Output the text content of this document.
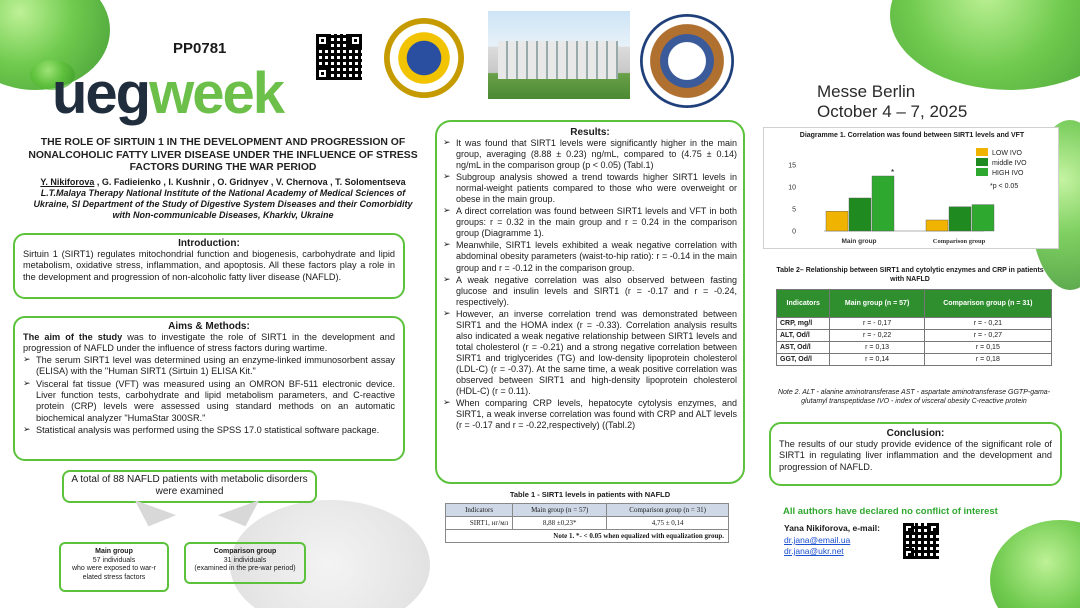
PP0781
uegweek	Messe Berlin
October 4 – 7, 2025
THE ROLE OF SIRTUIN 1 IN THE DEVELOPMENT AND PROGRESSION OF NONALCOHOLIC FATTY LIVER DISEASE UNDER THE INFLUENCE OF STRESS FACTORS DURING THE WAR PERIOD
Y. Nikiforova , G. Fadieienko , I. Kushnir , O. Gridnyev , V. Chernova , T. Solomentseva
L.T.Malaya Therapy National Institute of the National Academy of Medical Sciences of Ukraine, SI Department of the Study of Digestive System Diseases and their Comorbidity with Non-communicable Diseases, Kharkiv, Ukraine
Introduction:
Sirtuin 1 (SIRT1) regulates mitochondrial function and biogenesis, carbohydrate and lipid metabolism, oxidative stress, inflammation, and apoptosis. All these factors play a role in the development and progression of non-alcoholic fatty liver disease (NAFLD).
Aims & Methods:
The aim of the study was to investigate the role of SIRT1 in the development and progression of NAFLD under the influence of stress factors during wartime.
➢ The serum SIRT1 level was determined using an enzyme-linked immunosorbent assay (ELISA) with the "Human SIRT1 (Sirtuin 1) ELISA Kit."
➢ Visceral fat tissue (VFT) was measured using an OMRON BF-511 electronic device. Liver function tests, carbohydrate and lipid metabolism parameters, and C-reactive protein (CRP) levels were assessed using standard methods on an automatic biochemical analyzer "HumaStar 300SR."
➢ Statistical analysis was performed using the SPSS 17.0 statistical software package.
A total of 88 NAFLD patients with metabolic disorders were examined
Main group
57 individuals
who were exposed to war-r elated stress factors
Comparison group
31 individuals
(examined in the pre-war period)
Results:
➢ It was found that SIRT1 levels were significantly higher in the main group, averaging (8.88 ± 0.23) ng/mL, compared to (4.75 ± 0.14) ng/mL in the comparison group (p < 0.05) (Tabl.1)
➢ Subgroup analysis showed a trend towards higher SIRT1 levels in normal-weight patients compared to those who were overweight or obese in the main group.
➢ A direct correlation was found between SIRT1 levels and VFT in both groups: r = 0.32 in the main group and r = 0.24 in the comparison group (Diagramme 1).
➢ Meanwhile, SIRT1 levels exhibited a weak negative correlation with abdominal obesity parameters (waist-to-hip ratio): r = -0.14 in the main group and r = -0.12 in the comparison group.
➢ A weak negative correlation was also observed between fasting glucose and insulin levels and SIRT1 (r = -0.17 and r = -0.24, respectively).
➢ However, an inverse correlation trend was demonstrated between SIRT1 and the HOMA index (r = -0.33). Correlation analysis results also indicated a weak negative relationship between SIRT1 levels and total cholesterol (r = -0.21) and a strong negative correlation between SIRT1 and triglycerides (TG) and low-density lipoprotein cholesterol (LDL-C) (r = -0.37). At the same time, a weak positive correlation was observed between SIRT1 and high-density lipoprotein cholesterol (HDL-C) (r = 0.11).
➢ When comparing CRP levels, hepatocyte cytolysis enzymes, and SIRT1, a weak inverse correlation was found with CRP and ALT levels (r = -0.17 and r = -0.22,respectively) ((Tabl.2)
Table 1 - SIRT1 levels in patients with NAFLD
Indicators	Main group (n = 57)	Comparison group (n = 31)
SIRT1, нг/мл	8,88 ±0,23*	4,75 ± 0,14
Note 1. *- < 0.05 when equalized with equalization group.		
Diagramme 1. Correlation was found between SIRT1 levels and VFT
0
5
10
15
*
Main group	Comparison group
LOW IVO
middle IVO
HIGH IVO
*p < 0.05
Table 2– Relationship between SIRT1 and cytolytic enzymes and CRP in patients with NAFLD
Indicators	Main group (n = 57)	Comparison group (n = 31)
CRP, mg/l	r = - 0,17	r = - 0,21
ALT, Od/l	r = - 0,22	r = - 0,27
AST, Od/l	r = 0,13	r = 0,15
GGT, Od/l	r = 0,14	r = 0,18
Note 2. ALT - alanine aminotransferase AST - aspartate aminotransferase GGTP-gama-glutamyl transpeptidase IVO - index of visceral obesity C-reactive protein
Conclusion:
The results of our study provide evidence of the significant role of SIRT1 in regulating liver inflammation and the development and progression of NAFLD.
All authors have declared no conflict of interest
Yana Nikiforova, e-mail:
dr.jana@email.ua
dr.jana@ukr.net
